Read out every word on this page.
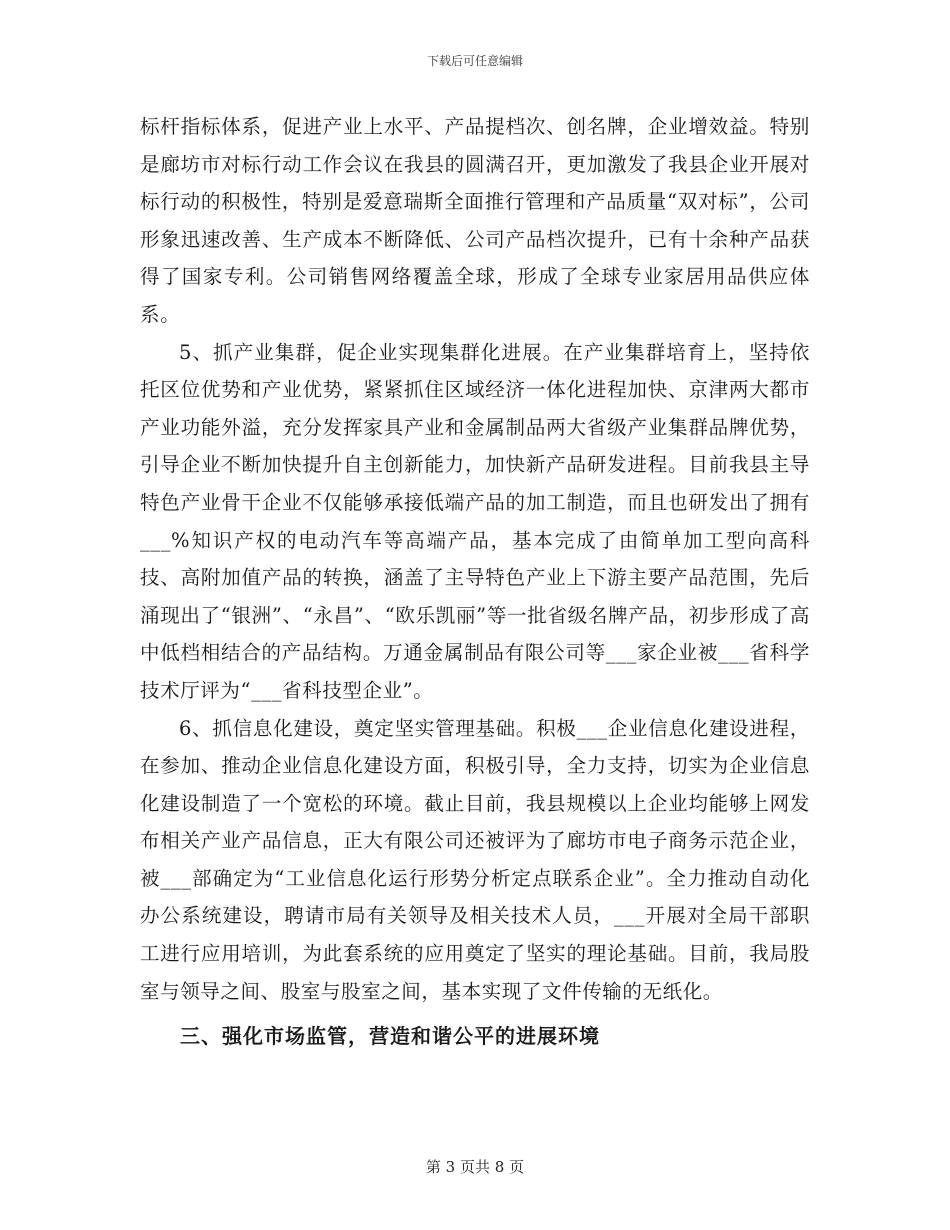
下载后可任意编辑

标杆指标体系，促进产业上水平、产品提档次、创名牌，企业增效益。特别是廊坊市对标行动工作会议在我县的圆满召开，更加激发了我县企业开展对标行动的积极性，特别是爱意瑞斯全面推行管理和产品质量“双对标”，公司形象迅速改善、生产成本不断降低、公司产品档次提升，已有十余种产品获得了国家专利。公司销售网络覆盖全球，形成了全球专业家居用品供应体系。

5、抓产业集群，促企业实现集群化进展。在产业集群培育上，坚持依托区位优势和产业优势，紧紧抓住区域经济一体化进程加快、京津两大都市产业功能外溢，充分发挥家具产业和金属制品两大省级产业集群品牌优势，引导企业不断加快提升自主创新能力，加快新产品研发进程。目前我县主导特色产业骨干企业不仅能够承接低端产品的加工制造，而且也研发出了拥有___%知识产权的电动汽车等高端产品，基本完成了由简单加工型向高科技、高附加值产品的转换，涵盖了主导特色产业上下游主要产品范围，先后涌现出了“银洲”、“永昌”、“欧乐凯丽”等一批省级名牌产品，初步形成了高中低档相结合的产品结构。万通金属制品有限公司等___家企业被___省科学技术厅评为“___省科技型企业”。

6、抓信息化建设，奠定坚实管理基础。积极___企业信息化建设进程，在参加、推动企业信息化建设方面，积极引导，全力支持，切实为企业信息化建设制造了一个宽松的环境。截止目前，我县规模以上企业均能够上网发布相关产业产品信息，正大有限公司还被评为了廊坊市电子商务示范企业，被___部确定为“工业信息化运行形势分析定点联系企业”。全力推动自动化办公系统建设，聘请市局有关领导及相关技术人员，___开展对全局干部职工进行应用培训，为此套系统的应用奠定了坚实的理论基础。目前，我局股室与领导之间、股室与股室之间，基本实现了文件传输的无纸化。

三、强化市场监管，营造和谐公平的进展环境

第 3 页共 8 页
